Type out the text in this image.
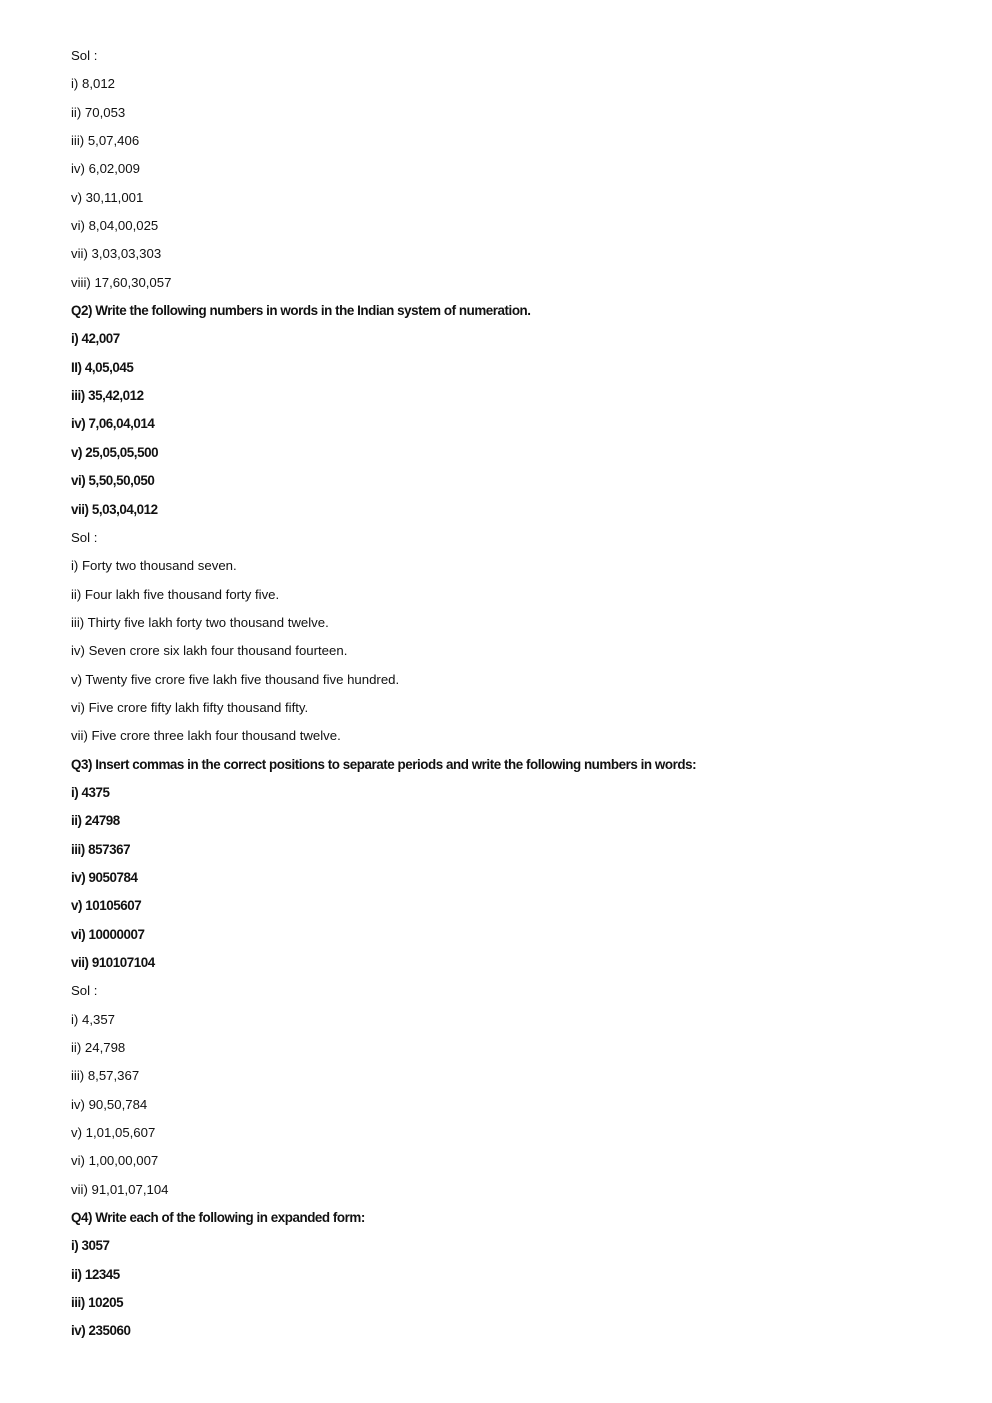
Sol :
i) 8,012
ii) 70,053
iii) 5,07,406
iv) 6,02,009
v) 30,11,001
vi) 8,04,00,025
vii) 3,03,03,303
viii) 17,60,30,057
Q2) Write the following numbers in words in the Indian system of numeration.
i) 42,007
II) 4,05,045
iii) 35,42,012
iv) 7,06,04,014
v) 25,05,05,500
vi) 5,50,50,050
vii) 5,03,04,012
Sol :
i) Forty two thousand seven.
ii) Four lakh five thousand forty five.
iii) Thirty five lakh forty two thousand twelve.
iv) Seven crore six lakh four thousand fourteen.
v) Twenty five crore five lakh five thousand five hundred.
vi) Five crore fifty lakh fifty thousand fifty.
vii) Five crore three lakh four thousand twelve.
Q3) Insert commas in the correct positions to separate periods and write the following numbers in words:
i) 4375
ii) 24798
iii) 857367
iv) 9050784
v) 10105607
vi) 10000007
vii) 910107104
Sol :
i) 4,357
ii) 24,798
iii) 8,57,367
iv) 90,50,784
v) 1,01,05,607
vi) 1,00,00,007
vii) 91,01,07,104
Q4) Write each of the following in expanded form:
i) 3057
ii) 12345
iii) 10205
iv) 235060
